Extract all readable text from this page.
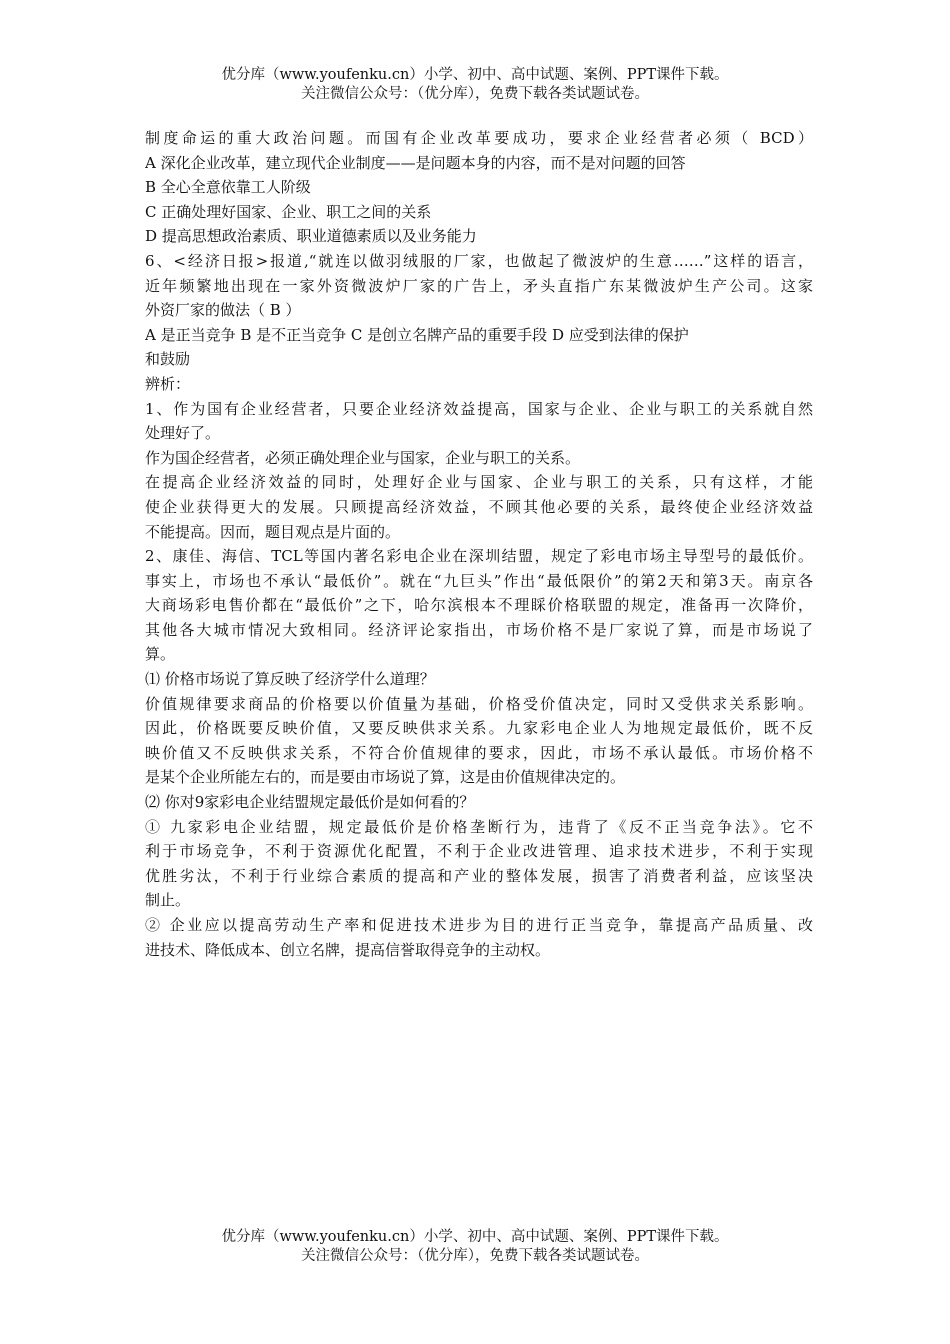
优分库（www.youfenku.cn）小学、初中、高中试题、案例、PPT课件下载。
关注微信公众号：（优分库），免费下载各类试题试卷。
制度命运的重大政治问题。而国有企业改革要成功，要求企业经营者必须（ BCD）
A 深化企业改革，建立现代企业制度——是问题本身的内容，而不是对问题的回答
B 全心全意依靠工人阶级
C 正确处理好国家、企业、职工之间的关系
D 提高思想政治素质、职业道德素质以及业务能力
6、<经济日报>报道,“就连以做羽绒服的厂家，也做起了微波炉的生意……”这样的语言，
近年频繁地出现在一家外资微波炉厂家的广告上，矛头直指广东某微波炉生产公司。这家
外资厂家的做法（ B ）
A 是正当竞争 B 是不正当竞争 C 是创立名牌产品的重要手段 D 应受到法律的保护
和鼓励
辨析：
1、作为国有企业经营者，只要企业经济效益提高，国家与企业、企业与职工的关系就自然
处理好了。
作为国企经营者，必须正确处理企业与国家，企业与职工的关系。
在提高企业经济效益的同时，处理好企业与国家、企业与职工的关系，只有这样，才能
使企业获得更大的发展。只顾提高经济效益，不顾其他必要的关系，最终使企业经济效益
不能提高。因而，题目观点是片面的。
2、康佳、海信、TCL等国内著名彩电企业在深圳结盟，规定了彩电市场主导型号的最低价。
事实上，市场也不承认“最低价”。就在“九巨头”作出“最低限价”的第2天和第3天。南京各
大商场彩电售价都在“最低价”之下，哈尔滨根本不理睬价格联盟的规定，准备再一次降价，
其他各大城市情况大致相同。经济评论家指出，市场价格不是厂家说了算，而是市场说了
算。
⑴ 价格市场说了算反映了经济学什么道理？
价值规律要求商品的价格要以价值量为基础，价格受价值决定，同时又受供求关系影响。
因此，价格既要反映价值，又要反映供求关系。九家彩电企业人为地规定最低价，既不反
映价值又不反映供求关系，不符合价值规律的要求，因此，市场不承认最低。市场价格不
是某个企业所能左右的，而是要由市场说了算，这是由价值规律决定的。
⑵ 你对9家彩电企业结盟规定最低价是如何看的？
① 九家彩电企业结盟，规定最低价是价格垄断行为，违背了《反不正当竞争法》。它不
利于市场竞争，不利于资源优化配置，不利于企业改进管理、追求技术进步，不利于实现
优胜劣汰，不利于行业综合素质的提高和产业的整体发展，损害了消费者利益，应该坚决
制止。
② 企业应以提高劳动生产率和促进技术进步为目的进行正当竞争，靠提高产品质量、改
进技术、降低成本、创立名牌，提高信誉取得竞争的主动权。
优分库（www.youfenku.cn）小学、初中、高中试题、案例、PPT课件下载。
关注微信公众号：（优分库），免费下载各类试题试卷。
